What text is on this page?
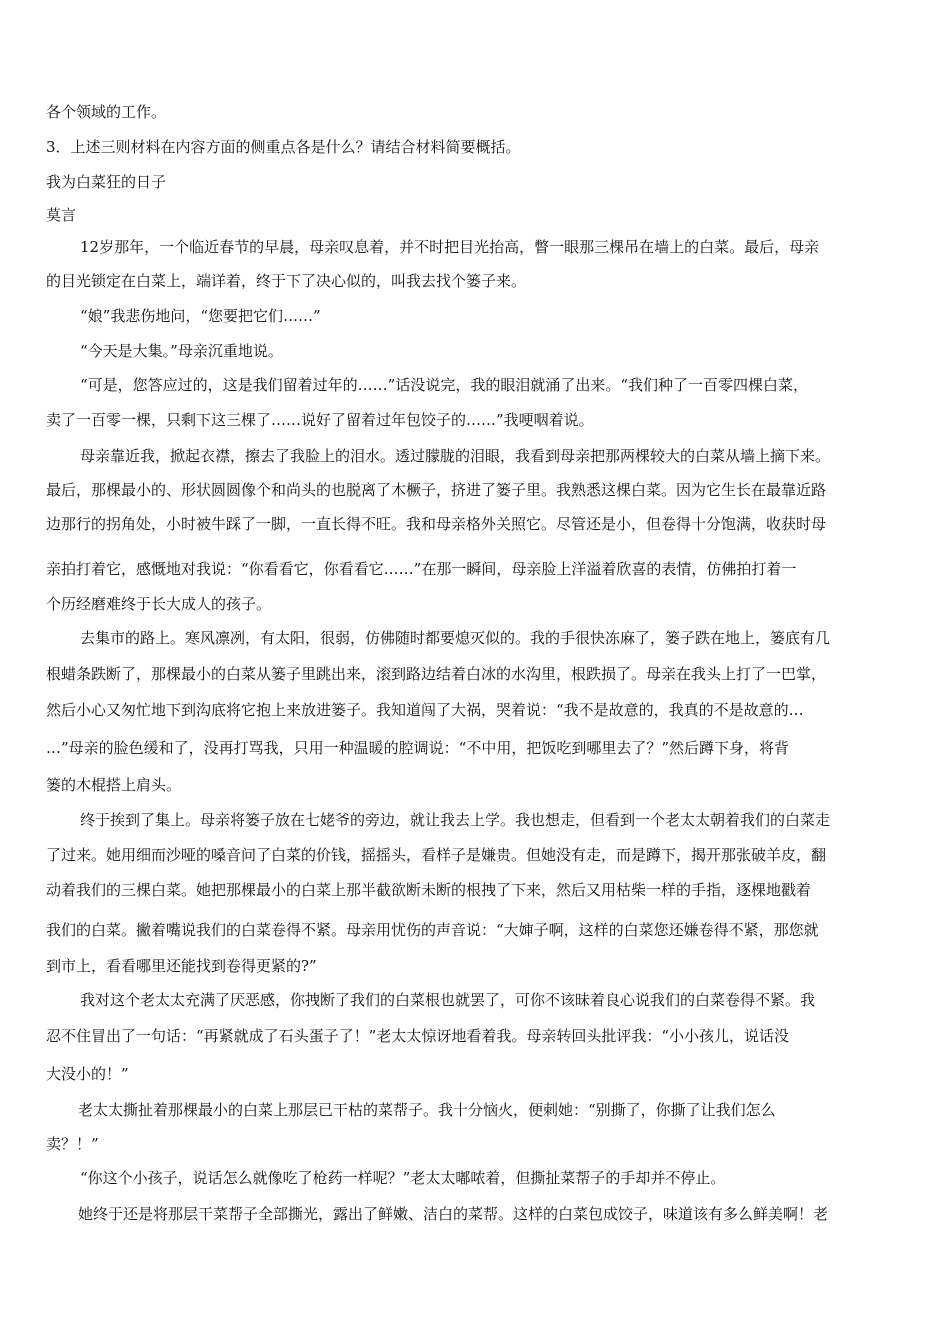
各个领域的工作。
3．上述三则材料在内容方面的侧重点各是什么？请结合材料简要概括。
我为白菜狂的日子
莫言
12岁那年，一个临近春节的早晨，母亲叹息着，并不时把目光抬高，瞥一眼那三棵吊在墙上的白菜。最后，母亲
的目光锁定在白菜上，端详着，终于下了决心似的，叫我去找个篓子来。
“娘”我悲伤地问，“您要把它们……”
“今天是大集。”母亲沉重地说。
“可是，您答应过的，这是我们留着过年的……”话没说完，我的眼泪就涌了出来。“我们种了一百零四棵白菜，
卖了一百零一棵，只剩下这三棵了……说好了留着过年包饺子的……”我哽咽着说。
母亲靠近我，掀起衣襟，擦去了我脸上的泪水。透过朦胧的泪眼，我看到母亲把那两棵较大的白菜从墙上摘下来。
最后，那棵最小的、形状圆圆像个和尚头的也脱离了木橛子，挤进了篓子里。我熟悉这棵白菜。因为它生长在最靠近路
边那行的拐角处，小时被牛踩了一脚，一直长得不旺。我和母亲格外关照它。尽管还是小，但卷得十分饱满，收获时母
亲拍打着它，感慨地对我说：“你看看它，你看看它……”在那一瞬间，母亲脸上洋溢着欣喜的表情，仿佛拍打着一
个历经磨难终于长大成人的孩子。
去集市的路上。寒风凛冽，有太阳，很弱，仿佛随时都要熄灭似的。我的手很快冻麻了，篓子跌在地上，篓底有几
根蜡条跌断了，那棵最小的白菜从篓子里跳出来，滚到路边结着白冰的水沟里，根跌损了。母亲在我头上打了一巴掌，
然后小心又匆忙地下到沟底将它抱上来放进篓子。我知道闯了大祸，哭着说：“我不是故意的，我真的不是故意的…
…”母亲的脸色缓和了，没再打骂我，只用一种温暖的腔调说：“不中用，把饭吃到哪里去了？”然后蹲下身，将背
篓的木棍搭上肩头。
终于挨到了集上。母亲将篓子放在七姥爷的旁边，就让我去上学。我也想走，但看到一个老太太朝着我们的白菜走
了过来。她用细而沙哑的嗓音问了白菜的价钱，摇摇头，看样子是嫌贵。但她没有走，而是蹲下，揭开那张破羊皮，翻
动着我们的三棵白菜。她把那棵最小的白菜上那半截欲断未断的根拽了下来，然后又用枯柴一样的手指，逐棵地戳着
我们的白菜。撇着嘴说我们的白菜卷得不紧。母亲用忧伤的声音说：“大婶子啊，这样的白菜您还嫌卷得不紧，那您就
到市上，看看哪里还能找到卷得更紧的?”
我对这个老太太充满了厌恶感，你拽断了我们的白菜根也就罢了，可你不该昧着良心说我们的白菜卷得不紧。我
忍不住冒出了一句话：“再紧就成了石头蛋子了！”老太太惊讶地看着我。母亲转回头批评我：“小小孩儿，说话没
大没小的！”
老太太撕扯着那棵最小的白菜上那层已干枯的菜帮子。我十分恼火，便刺她：“别撕了，你撕了让我们怎么
卖？！”
“你这个小孩子，说话怎么就像吃了枪药一样呢？”老太太嘟哝着，但撕扯菜帮子的手却并不停止。
她终于还是将那层干菜帮子全部撕光，露出了鲜嫩、洁白的菜帮。这样的白菜包成饺子，味道该有多么鲜美啊！老
